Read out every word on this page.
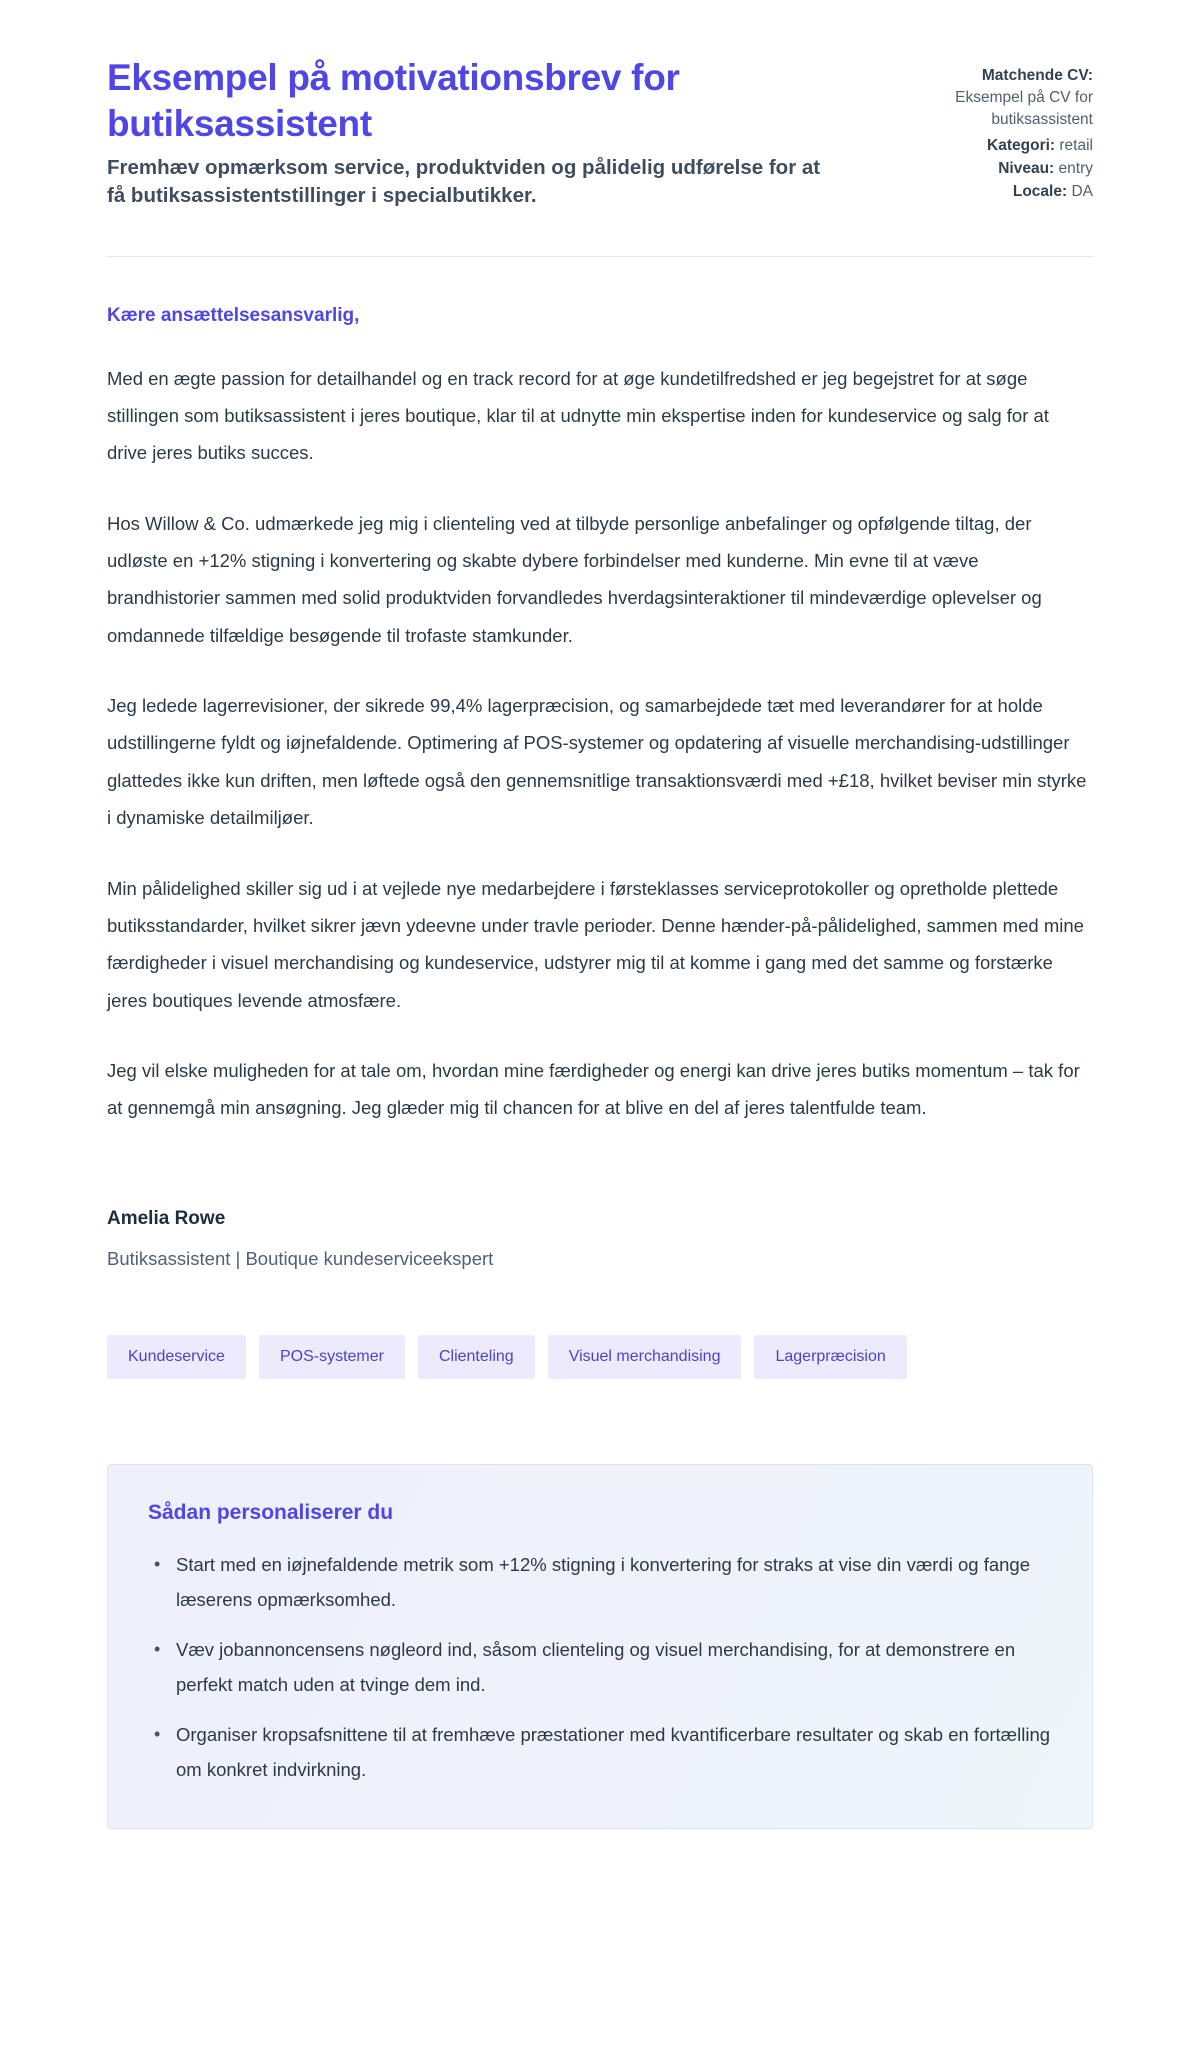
Eksempel på motivationsbrev for butiksassistent

Fremhæv opmærksom service, produktviden og pålidelig udførelse for at få butiksassistentstillinger i specialbutikker.

Matchende CV:
Eksempel på CV for butiksassistent
Kategori: retail
Niveau: entry
Locale: DA

Kære ansættelsesansvarlig,

Med en ægte passion for detailhandel og en track record for at øge kundetilfredshed er jeg begejstret for at søge stillingen som butiksassistent i jeres boutique, klar til at udnytte min ekspertise inden for kundeservice og salg for at drive jeres butiks succes.

Hos Willow & Co. udmærkede jeg mig i clienteling ved at tilbyde personlige anbefalinger og opfølgende tiltag, der udløste en +12% stigning i konvertering og skabte dybere forbindelser med kunderne. Min evne til at væve brandhistorier sammen med solid produktviden forvandledes hverdagsinteraktioner til mindeværdige oplevelser og omdannede tilfældige besøgende til trofaste stamkunder.

Jeg ledede lagerrevisioner, der sikrede 99,4% lagerpræcision, og samarbejdede tæt med leverandører for at holde udstillingerne fyldt og iøjnefaldende. Optimering af POS-systemer og opdatering af visuelle merchandising-udstillinger glattedes ikke kun driften, men løftede også den gennemsnitlige transaktionsværdi med +£18, hvilket beviser min styrke i dynamiske detailmiljøer.

Min pålidelighed skiller sig ud i at vejlede nye medarbejdere i førsteklasses serviceprotokoller og opretholde plettede butiksstandarder, hvilket sikrer jævn ydeevne under travle perioder. Denne hænder-på-pålidelighed, sammen med mine færdigheder i visuel merchandising og kundeservice, udstyrer mig til at komme i gang med det samme og forstærke jeres boutiques levende atmosfære.

Jeg vil elske muligheden for at tale om, hvordan mine færdigheder og energi kan drive jeres butiks momentum – tak for at gennemgå min ansøgning. Jeg glæder mig til chancen for at blive en del af jeres talentfulde team.

Amelia Rowe
Butiksassistent | Boutique kundeserviceekspert
Kundeservice	POS-systemer	Clienteling	Visuel merchandising	Lagerpræcision
Sådan personaliserer du
• Start med en iøjnefaldende metrik som +12% stigning i konvertering for straks at vise din værdi og fange læserens opmærksomhed.
• Væv jobannoncensens nøgleord ind, såsom clienteling og visuel merchandising, for at demonstrere en perfekt match uden at tvinge dem ind.
• Organiser kropsafsnittene til at fremhæve præstationer med kvantificerbare resultater og skab en fortælling om konkret indvirkning.
